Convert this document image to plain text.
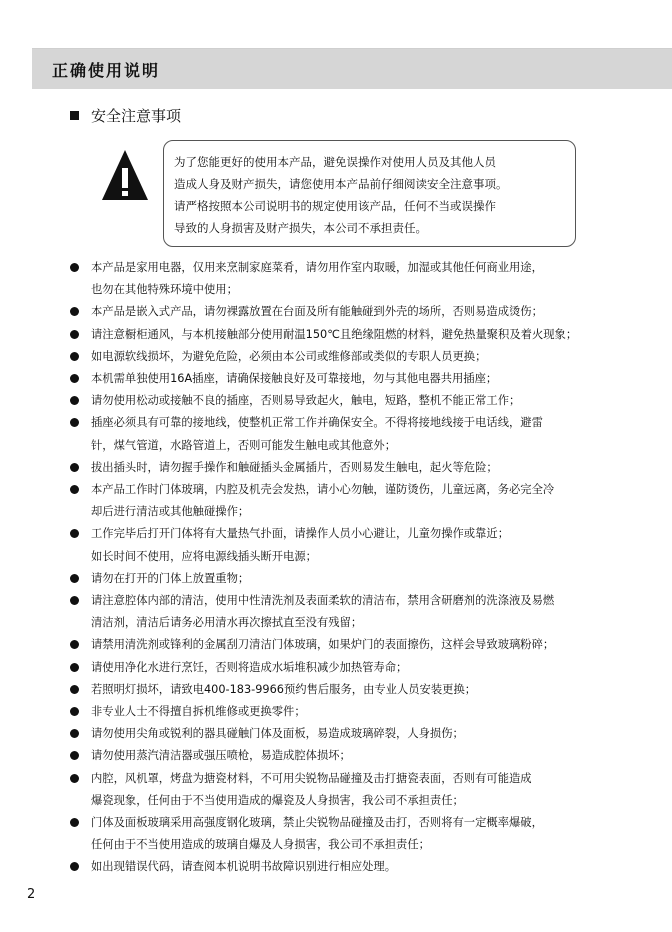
正确使用说明
安全注意事项
为了您能更好的使用本产品，避免误操作对使用人员及其他人员
造成人身及财产损失，请您使用本产品前仔细阅读安全注意事项。
请严格按照本公司说明书的规定使用该产品，任何不当或误操作
导致的人身损害及财产损失，本公司不承担责任。
本产品是家用电器，仅用来烹制家庭菜肴，请勿用作室内取暖，加湿或其他任何商业用途，
也勿在其他特殊环境中使用；
本产品是嵌入式产品，请勿裸露放置在台面及所有能触碰到外壳的场所，否则易造成烫伤；
请注意橱柜通风，与本机接触部分使用耐温150℃且绝缘阻燃的材料，避免热量聚积及着火现象；
如电源软线损坏，为避免危险，必须由本公司或维修部或类似的专职人员更换；
本机需单独使用16A插座，请确保接触良好及可靠接地，勿与其他电器共用插座；
请勿使用松动或接触不良的插座，否则易导致起火，触电，短路，整机不能正常工作；
插座必须具有可靠的接地线，使整机正常工作并确保安全。不得将接地线接于电话线，避雷
针，煤气管道，水路管道上，否则可能发生触电或其他意外；
拔出插头时，请勿握手操作和触碰插头金属插片，否则易发生触电，起火等危险；
本产品工作时门体玻璃，内腔及机壳会发热，请小心勿触，谨防烫伤，儿童远离，务必完全冷
却后进行清洁或其他触碰操作；
工作完毕后打开门体将有大量热气扑面，请操作人员小心避让，儿童勿操作或靠近；
如长时间不使用，应将电源线插头断开电源；
请勿在打开的门体上放置重物；
请注意腔体内部的清洁，使用中性清洗剂及表面柔软的清洁布，禁用含研磨剂的洗涤液及易燃
清洁剂，清洁后请务必用清水再次擦拭直至没有残留；
请禁用清洗剂或锋利的金属刮刀清洁门体玻璃，如果炉门的表面擦伤，这样会导致玻璃粉碎；
请使用净化水进行烹饪，否则将造成水垢堆积减少加热管寿命；
若照明灯损坏，请致电400-183-9966预约售后服务，由专业人员安装更换；
非专业人士不得擅自拆机维修或更换零件；
请勿使用尖角或锐利的器具碰触门体及面板，易造成玻璃碎裂，人身损伤；
请勿使用蒸汽清洁器或强压喷枪，易造成腔体损坏；
内腔，风机罩，烤盘为搪瓷材料，不可用尖锐物品碰撞及击打搪瓷表面，否则有可能造成
爆瓷现象，任何由于不当使用造成的爆瓷及人身损害，我公司不承担责任；
门体及面板玻璃采用高强度钢化玻璃，禁止尖锐物品碰撞及击打，否则将有一定概率爆破，
任何由于不当使用造成的玻璃自爆及人身损害，我公司不承担责任；
如出现错误代码，请查阅本机说明书故障识别进行相应处理。
2
